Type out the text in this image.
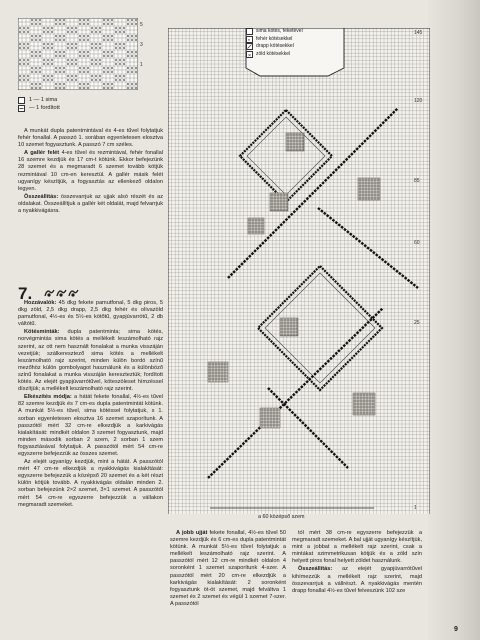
5
3
1
1 — 1 sima
— 1 fordított
sima kötés, feketével
• fehér kötésekkel
drapp kötésekkel
× zöld kötésekkel
145
120
85
60
25
1
a 60 középső szem

A munkát dupla patentmintával és 4-es tűvel folytatjuk fehér fonallal. A passzó 1. sorában egyenletesen elosztva 10 szemet fogyasztunk. A passzó 7 cm széles.

A gallér felét 4-es tűvel és rezmintával, fehér fonallal 16 szemre kezdjük és 17 cm-t kötünk. Ekkor befejezünk 28 szemet és a megmaradt 6 szemet tovább kötjük rezmintával 10 cm-en keresztül. A gallér másik felét ugyanígy készítjük, a fogyasztás az ellenkező oldalon legyen.

Összeállítás: összevarrjuk az ujjak alsó részét és az oldalakat. Összeállítjuk a gallér két oldalát, majd felvarrjuk a nyakkivágásra.

7.

Hozzávalók: 45 dkg fekete pamutfonal, 5 dkg piros, 5 dkg zöld, 2,5 dkg drapp, 2,5 dkg fehér és olívazöld pamutfonal, 4½-es és 5½-es kötőtű, gyapjúvarrótű, 2 db váltótű.

Kötésminták: dupla patentminta; sima kötés, norvégmintás sima kötés a mellékelt leszámolható rajz szerint, az ott nem használt fonalakat a munka visszáján vezetjük; szálkeresztező sima kötés a mellékelt leszámolható rajz szerint, minden külön bordó színű mezőhöz külön gombolyagot használunk és a különböző színű fonalakat a munka visszáján kereszteztük; fordított kötés. Az elejét gyapjúvarrótűvel, köteszöleset hímzéssel díszítjük; a mellékelt leszámolható rajz szerint.

Elkészítés módja: a hátát fekete fonallal, 4½-es tűvel 82 szemre kezdjük és 7 cm-es dupla patentmintát kötünk. A munkát 5½-es tűvel, sima kötéssel folytatjuk, s 1. sorban egyenletesen elosztva 16 szemet szaporítunk. A passzótól mért 32 cm-re elkezdjük a karkivágás kialakítását: mindkét oldalon 3 szemet fogyasztunk, majd minden második sorban 2 szem, 2 sorban 1 szem fogyasztásával folytatjuk. A passzótól mért 54 cm-re egyszerre befejezzük az összes szemet.

Az elejét ugyanígy kezdjük, mint a hátát. A passzótól mért 47 cm-re elkezdjük a nyakkivágás kialakítását: egyszerre befejezzük a középső 20 szemet és a két részt külön kötjük tovább. A nyakkivágás oldalán minden 2. sorban befejezünk 2×2 szemet, 3×1 szemet. A passzótól mért 54 cm-re egyszerre befejezzük a vállakon megmaradt szemeket.

A jobb ujját fekete fonallal, 4½-es tűvel 50 szemre kezdjük és 6 cm-es dupla patentmintát kötünk. A munkát 5½-es tűvel folytatjuk a mellékelt leszámolható rajz szerint. A passzótól mért 12 cm-re mindkét oldalon 4 soronként 1 szemet szaporítunk 4-szer. A passzótól mért 20 cm-re elkezdjük a karkivágás kialakítását: 2 soronként fogyasztunk öt-öt szemet, majd felváltva 1 szemet és 2 szemet és végül 1 szemet 7-szer. A passzótól

tól mért 38 cm-re egyszerre befejezzük a megmaradt szemeket. A bal ujját ugyanígy készítjük, mint a jobbat a mellékelt rajz szerint, csak a mintákat szimmetrikusan kötjük és a zöld szín helyett piros fonal helyett zöldet használunk.

Összeállítás: az elejét gyapjúvarrótűvel kihímezzük a mellékelt rajz szerint, majd összevarrjuk a vállrészt. A nyakkivágás mentén drapp fonallal 4½-es tűvel felveszünk 102 sze

9
